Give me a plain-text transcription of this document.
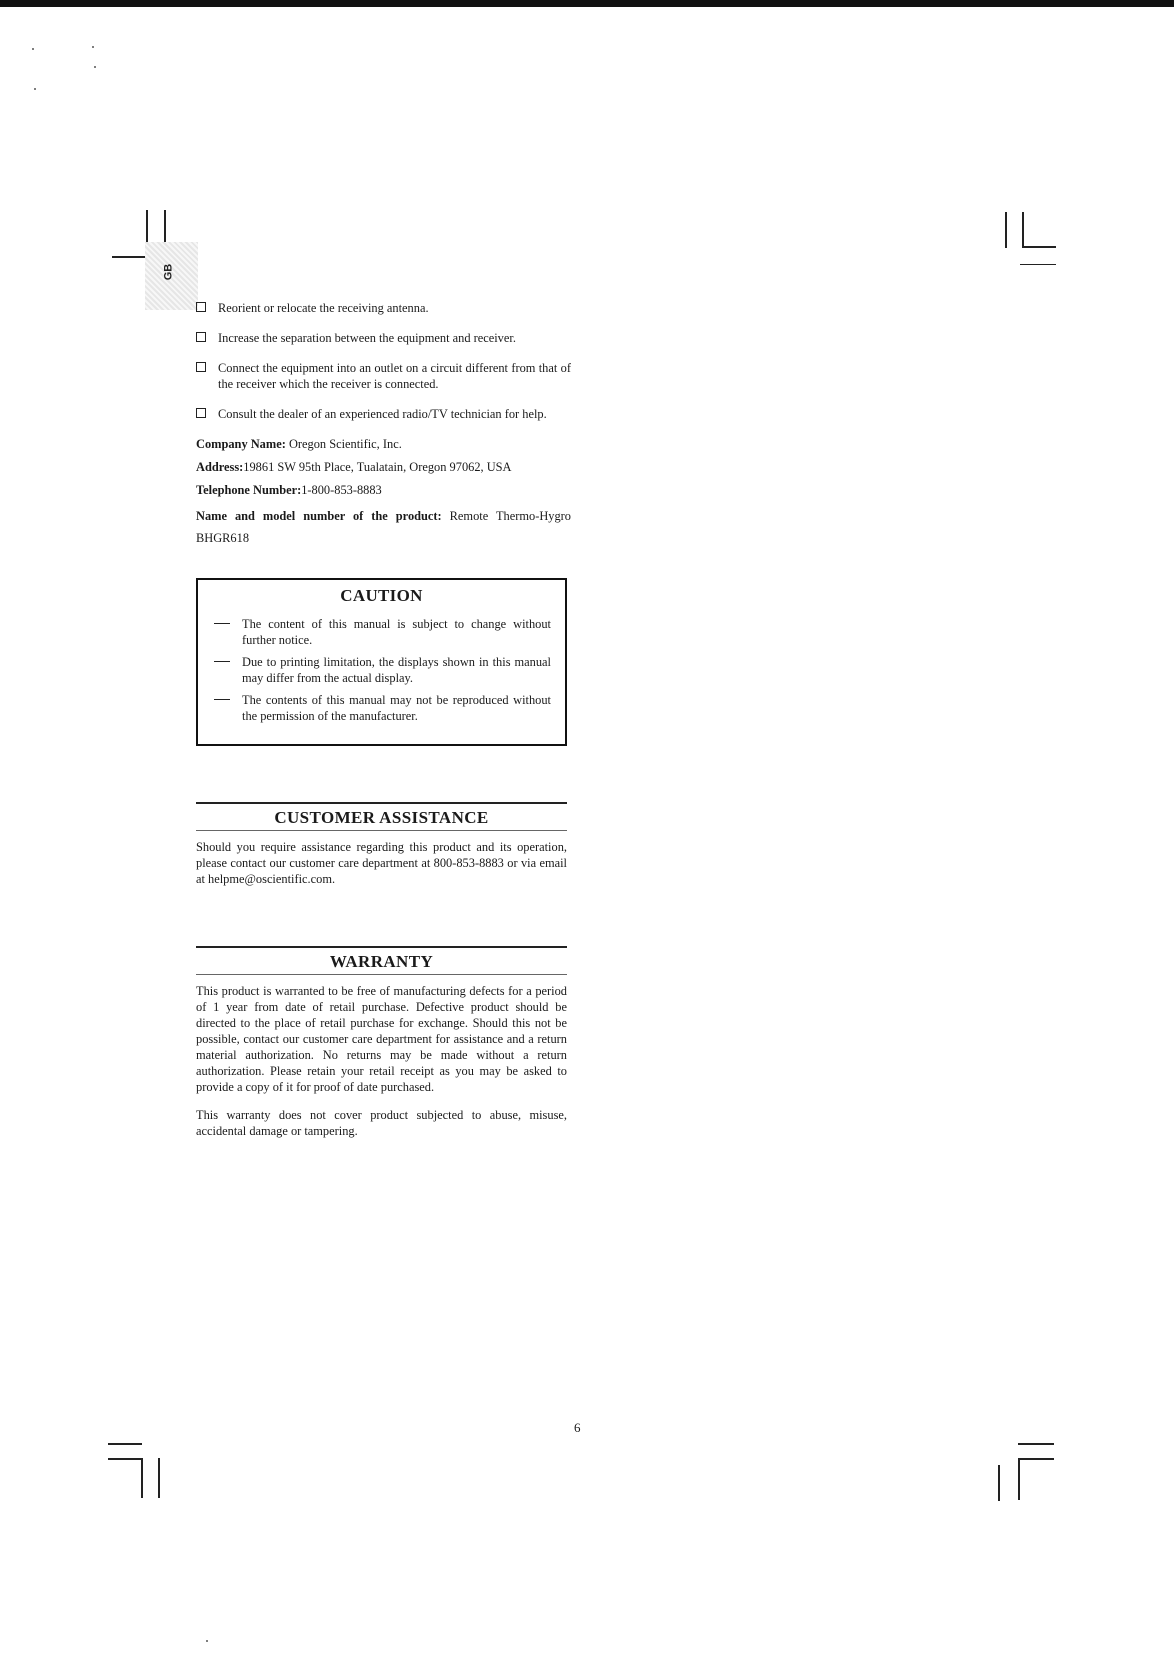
GB
Reorient or relocate the receiving antenna.
Increase the separation between the equipment and receiver.
Connect the equipment into an outlet on a circuit different from that of the receiver which the receiver is connected.
Consult the dealer of an experienced radio/TV technician for help.
Company Name: Oregon Scientific, Inc.
Address:19861 SW 95th Place, Tualatain, Oregon 97062, USA
Telephone Number:1-800-853-8883
Name and model number of the product: Remote Thermo-Hygro BHGR618
CAUTION
The content of this manual is subject to change without further notice.
Due to printing limitation, the displays shown in this manual may differ from the actual display.
The contents of this manual may not be reproduced without the permission of the manufacturer.
CUSTOMER ASSISTANCE
Should you require assistance regarding this product and its operation, please contact our customer care department at 800-853-8883 or via email at helpme@oscientific.com.
WARRANTY
This product is warranted to be free of manufacturing defects for a period of 1 year from date of retail purchase. Defective product should be directed to the place of retail purchase for exchange. Should this not be possible, contact our customer care department for assistance and a return material authorization. No returns may be made without a return authorization. Please retain your retail receipt as you may be asked to provide a copy of it for proof of date purchased.
This warranty does not cover product subjected to abuse, misuse, accidental damage or tampering.
6
